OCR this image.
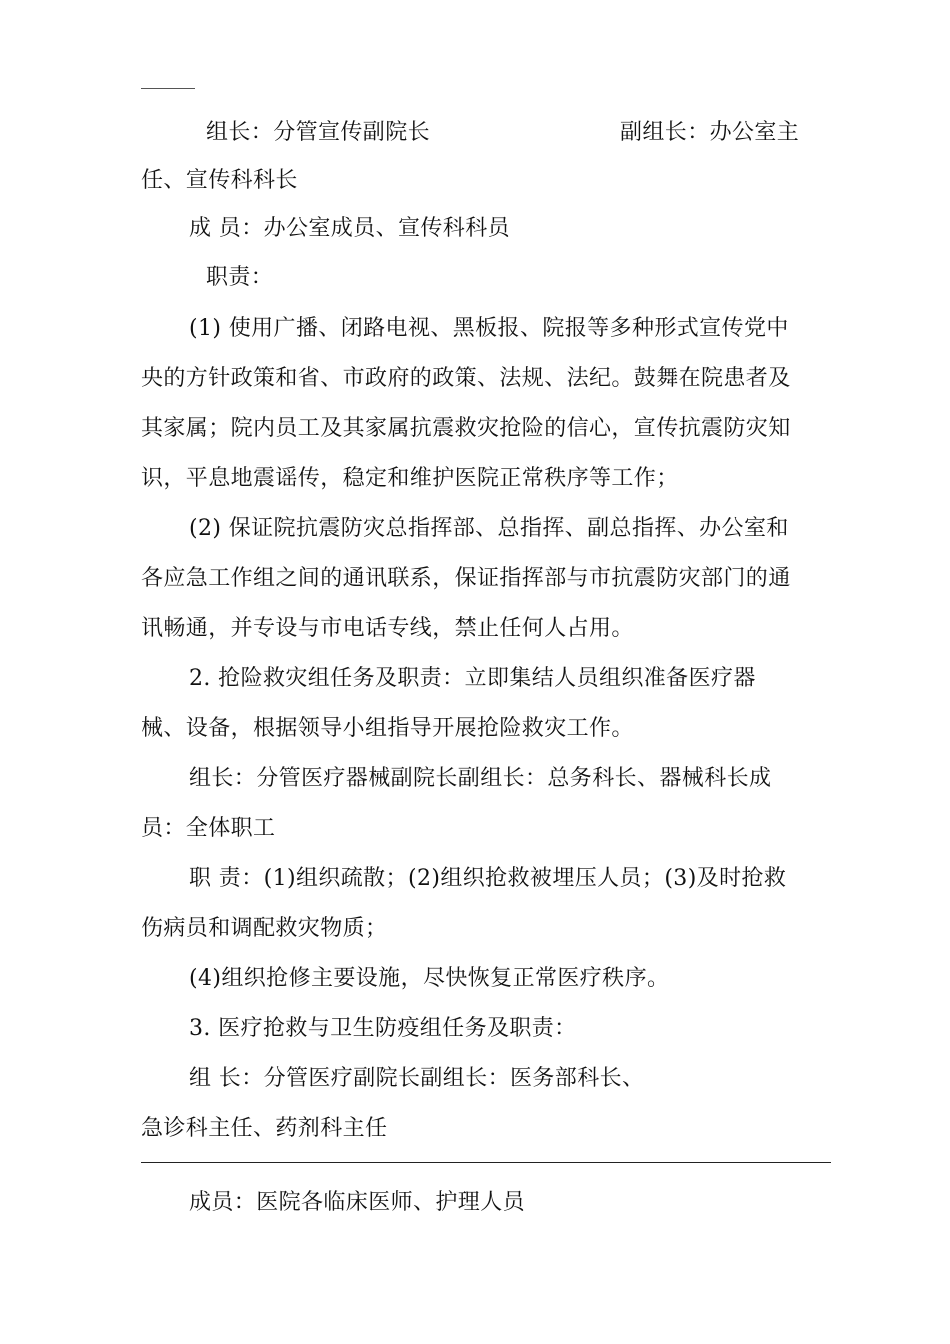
组长：分管宣传副院长	副组长：办公室主
任、宣传科科长
成 员：办公室成员、宣传科科员
职责：
(1) 使用广播、闭路电视、黑板报、院报等多种形式宣传党中
央的方针政策和省、市政府的政策、法规、法纪。鼓舞在院患者及
其家属；院内员工及其家属抗震救灾抢险的信心，宣传抗震防灾知
识，平息地震谣传，稳定和维护医院正常秩序等工作；
(2) 保证院抗震防灾总指挥部、总指挥、副总指挥、办公室和
各应急工作组之间的通讯联系，保证指挥部与市抗震防灾部门的通
讯畅通，并专设与市电话专线，禁止任何人占用。
2. 抢险救灾组任务及职责：立即集结人员组织准备医疗器
械、设备，根据领导小组指导开展抢险救灾工作。
组长：分管医疗器械副院长副组长：总务科长、器械科长成
员：全体职工
职 责：(1)组织疏散；(2)组织抢救被埋压人员；(3)及时抢救
伤病员和调配救灾物质；
(4)组织抢修主要设施，尽快恢复正常医疗秩序。
3. 医疗抢救与卫生防疫组任务及职责：
组 长：分管医疗副院长副组长：医务部科长、
急诊科主任、药剂科主任
成员：医院各临床医师、护理人员
